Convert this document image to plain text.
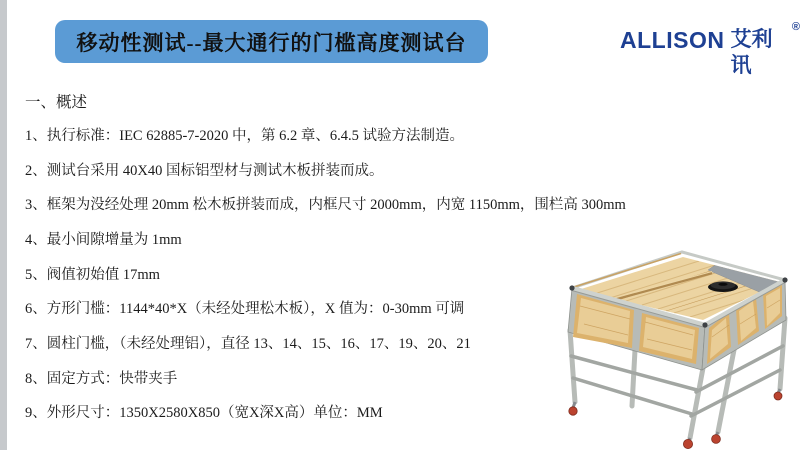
移动性测试--最大通行的门槛高度测试台	ALLISON 艾利讯
®
一、概述
1、执行标准：IEC 62885-7-2020 中，第 6.2 章、6.4.5 试验方法制造。
2、测试台采用 40X40 国标铝型材与测试木板拼装而成。
3、框架为没经处理 20mm 松木板拼装而成，内框尺寸 2000mm，内宽 1150mm，围栏高 300mm
4、最小间隙增量为 1mm
5、阀值初始值 17mm
6、方形门槛：1144*40*X（未经处理松木板），X 值为：0-30mm 可调
7、圆柱门槛，（未经处理铝），直径 13、14、15、16、17、19、20、21
8、固定方式：快带夹手
9、外形尺寸：1350X2580X850（宽X深X高）单位：MM
